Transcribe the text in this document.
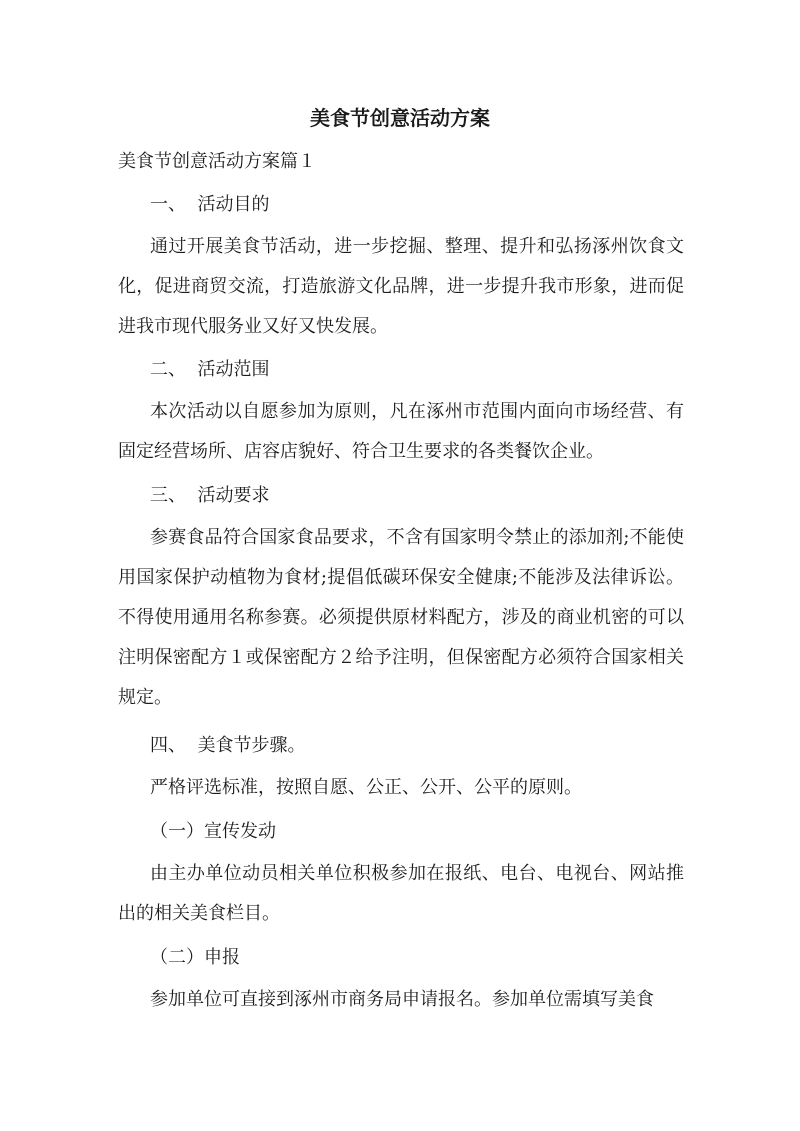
美食节创意活动方案
美食节创意活动方案篇１
一、  活动目的

通过开展美食节活动，进一步挖掘、整理、提升和弘扬涿州饮食文化，促进商贸交流，打造旅游文化品牌，进一步提升我市形象，进而促进我市现代服务业又好又快发展。

二、  活动范围

本次活动以自愿参加为原则，凡在涿州市范围内面向市场经营、有固定经营场所、店容店貌好、符合卫生要求的各类餐饮企业。

三、  活动要求

参赛食品符合国家食品要求，不含有国家明令禁止的添加剂;不能使用国家保护动植物为食材;提倡低碳环保安全健康;不能涉及法律诉讼。不得使用通用名称参赛。必须提供原材料配方，涉及的商业机密的可以注明保密配方１或保密配方２给予注明，但保密配方必须符合国家相关规定。

四、  美食节步骤。

严格评选标准，按照自愿、公正、公开、公平的原则。

（一）宣传发动

由主办单位动员相关单位积极参加在报纸、电台、电视台、网站推出的相关美食栏目。

（二）申报

参加单位可直接到涿州市商务局申请报名。参加单位需填写美食
